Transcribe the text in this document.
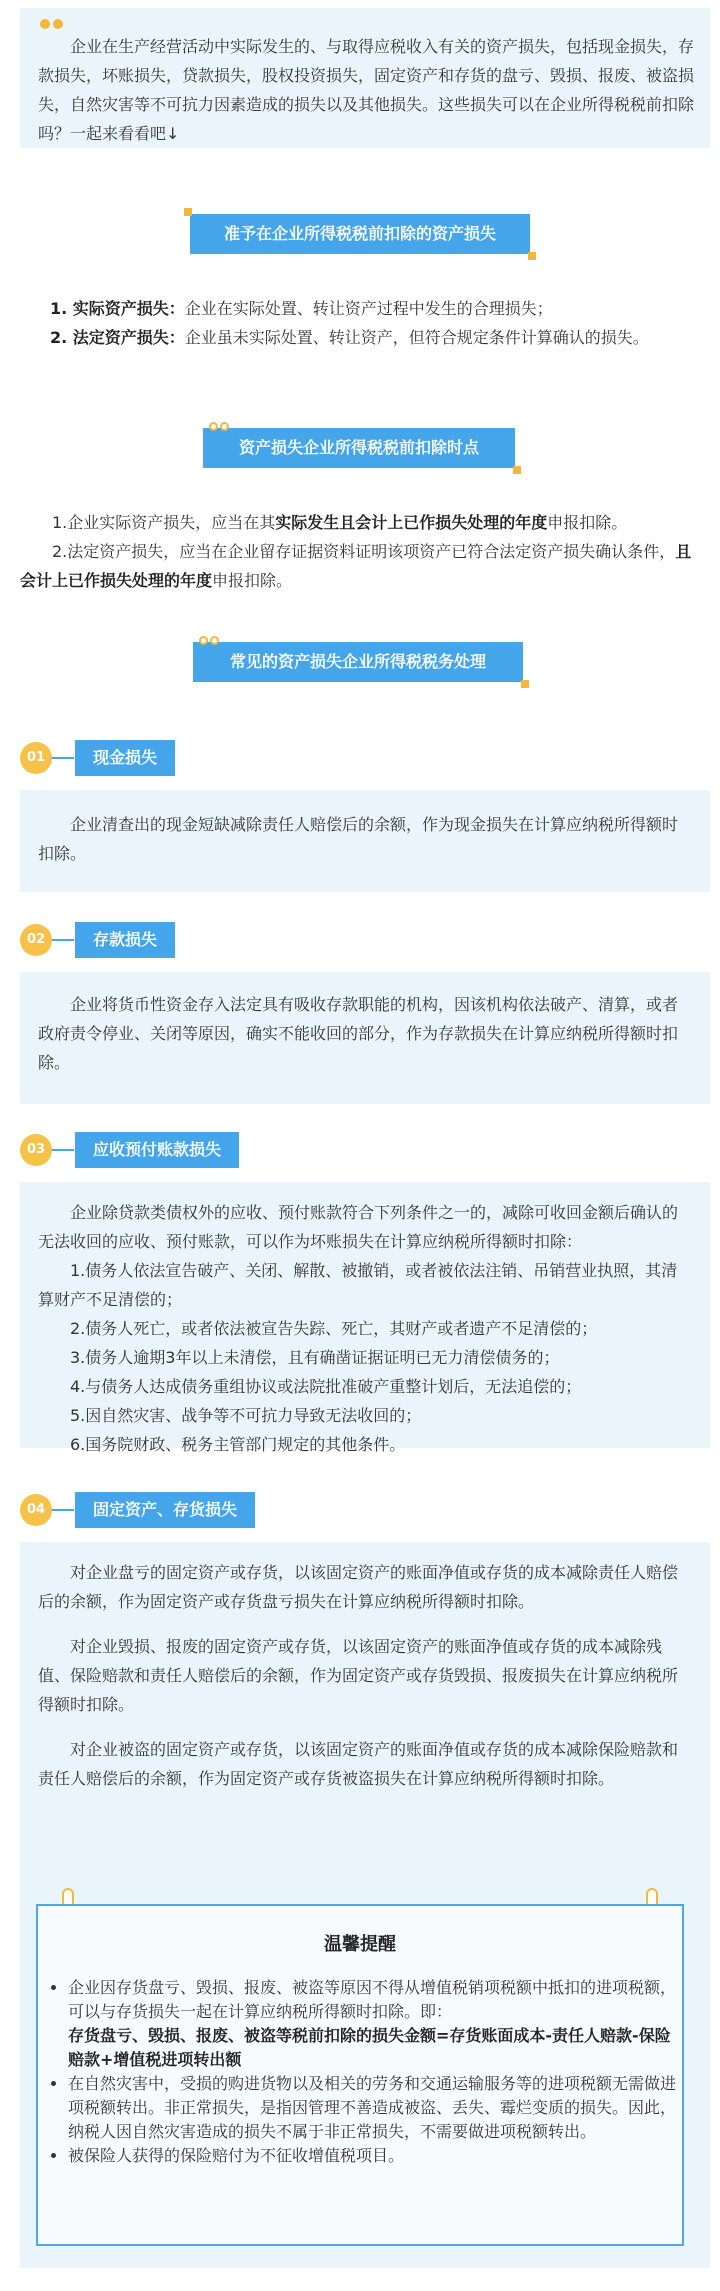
企业在生产经营活动中实际发生的、与取得应税收入有关的资产损失，包括现金损失，存款损失，坏账损失，贷款损失，股权投资损失，固定资产和存货的盘亏、毁损、报废、被盗损失，自然灾害等不可抗力因素造成的损失以及其他损失。这些损失可以在企业所得税税前扣除吗？一起来看看吧↓

准予在企业所得税税前扣除的资产损失

1. 实际资产损失：企业在实际处置、转让资产过程中发生的合理损失；

2. 法定资产损失：企业虽未实际处置、转让资产，但符合规定条件计算确认的损失。

资产损失企业所得税税前扣除时点

1.企业实际资产损失，应当在其实际发生且会计上已作损失处理的年度申报扣除。

2.法定资产损失，应当在企业留存证据资料证明该项资产已符合法定资产损失确认条件，且会计上已作损失处理的年度申报扣除。

常见的资产损失企业所得税税务处理
01	现金损失

企业清查出的现金短缺减除责任人赔偿后的余额，作为现金损失在计算应纳税所得额时扣除。

02	存款损失

企业将货币性资金存入法定具有吸收存款职能的机构，因该机构依法破产、清算，或者政府责令停业、关闭等原因，确实不能收回的部分，作为存款损失在计算应纳税所得额时扣除。

03	应收预付账款损失

企业除贷款类债权外的应收、预付账款符合下列条件之一的，减除可收回金额后确认的无法收回的应收、预付账款，可以作为坏账损失在计算应纳税所得额时扣除：

1.债务人依法宣告破产、关闭、解散、被撤销，或者被依法注销、吊销营业执照，其清算财产不足清偿的；

2.债务人死亡，或者依法被宣告失踪、死亡，其财产或者遗产不足清偿的；

3.债务人逾期3年以上未清偿，且有确凿证据证明已无力清偿债务的；

4.与债务人达成债务重组协议或法院批准破产重整计划后，无法追偿的；

5.因自然灾害、战争等不可抗力导致无法收回的；

6.国务院财政、税务主管部门规定的其他条件。

04	固定资产、存货损失

对企业盘亏的固定资产或存货，以该固定资产的账面净值或存货的成本减除责任人赔偿后的余额，作为固定资产或存货盘亏损失在计算应纳税所得额时扣除。

对企业毁损、报废的固定资产或存货，以该固定资产的账面净值或存货的成本减除残值、保险赔款和责任人赔偿后的余额，作为固定资产或存货毁损、报废损失在计算应纳税所得额时扣除。

对企业被盗的固定资产或存货，以该固定资产的账面净值或存货的成本减除保险赔款和责任人赔偿后的余额，作为固定资产或存货被盗损失在计算应纳税所得额时扣除。

温馨提醒
• 企业因存货盘亏、毁损、报废、被盗等原因不得从增值税销项税额中抵扣的进项税额，可以与存货损失一起在计算应纳税所得额时扣除。即：
存货盘亏、毁损、报废、被盗等税前扣除的损失金额=存货账面成本-责任人赔款-保险赔款+增值税进项转出额
• 在自然灾害中，受损的购进货物以及相关的劳务和交通运输服务等的进项税额无需做进项税额转出。非正常损失，是指因管理不善造成被盗、丢失、霉烂变质的损失。因此，纳税人因自然灾害造成的损失不属于非正常损失，不需要做进项税额转出。
• 被保险人获得的保险赔付为不征收增值税项目。
